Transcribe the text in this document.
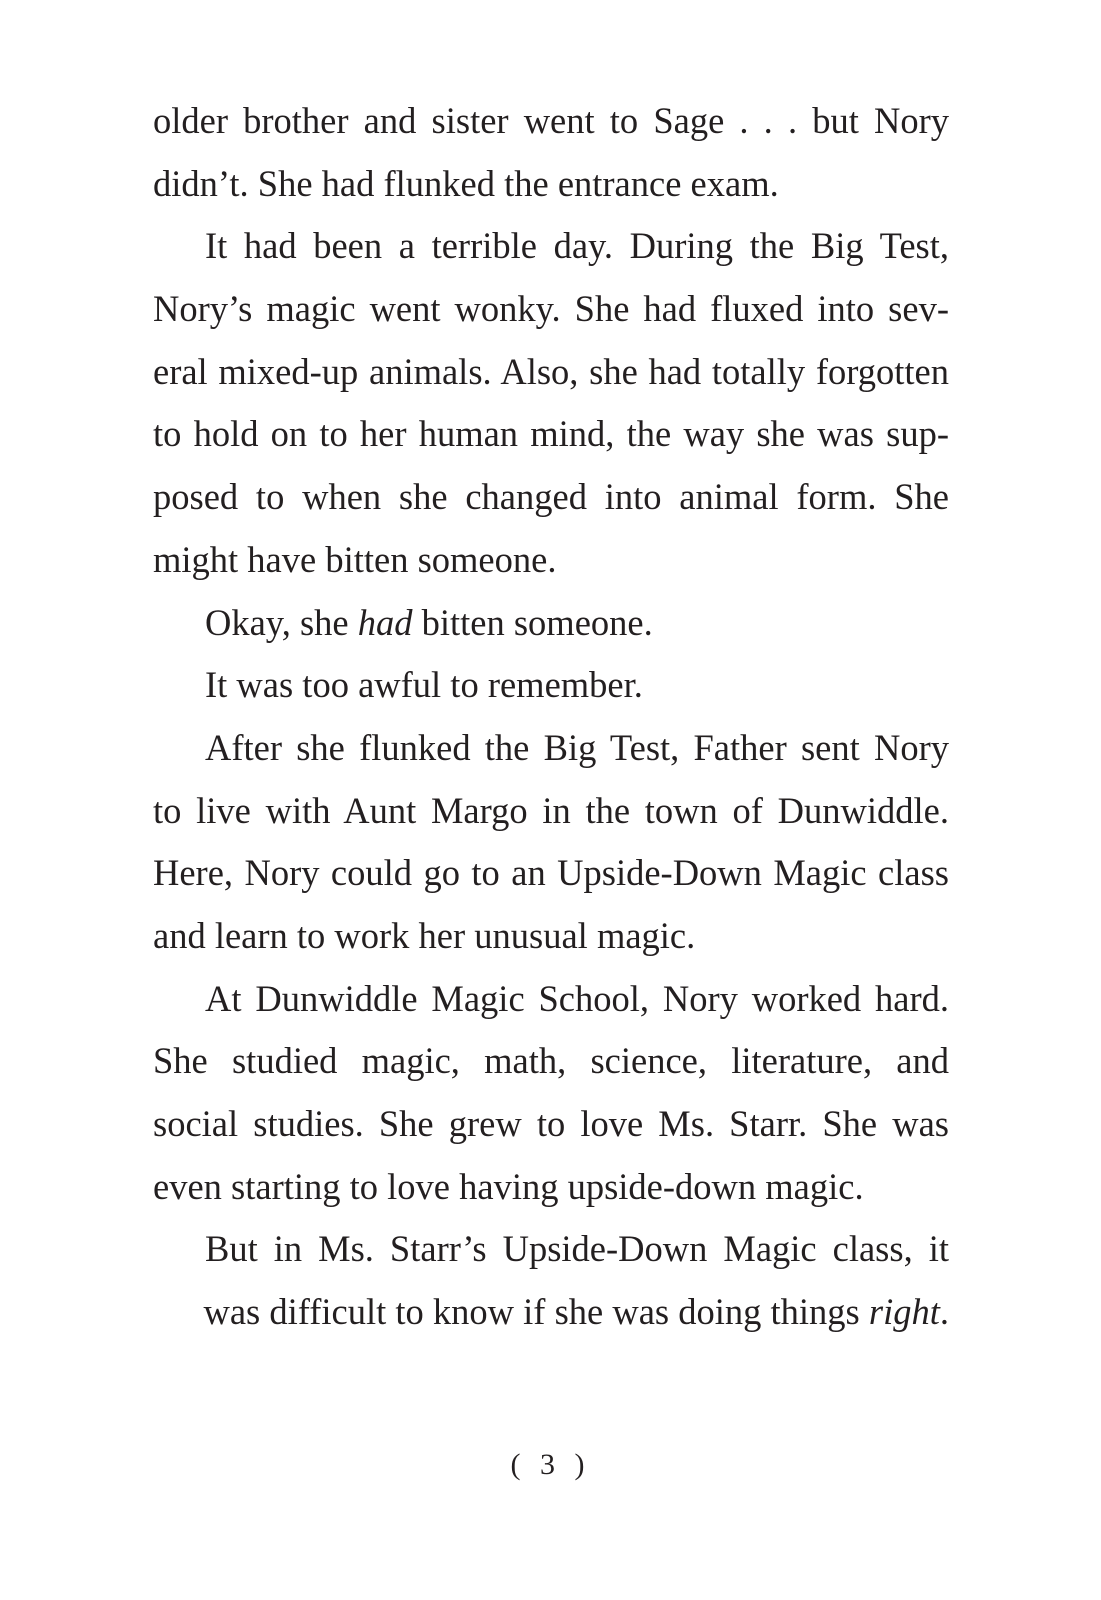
older brother and sister went to Sage . . . but Nory
didn’t. She had flunked the entrance exam.
It had been a terrible day. During the Big Test,
Nory’s magic went wonky. She had fluxed into sev-
eral mixed-up animals. Also, she had totally forgotten
to hold on to her human mind, the way she was sup-
posed to when she changed into animal form. She
might have bitten someone.
Okay, she had bitten someone.
It was too awful to remember.
After she flunked the Big Test, Father sent Nory
to live with Aunt Margo in the town of Dunwiddle.
Here, Nory could go to an Upside-Down Magic class
and learn to work her unusual magic.
At Dunwiddle Magic School, Nory worked hard.
She studied magic, math, science, literature, and
social studies. She grew to love Ms. Starr. She was
even starting to love having upside-down magic.
But in Ms. Starr’s Upside-Down Magic class, it
was difficult to know if she was doing things right.
( 3 )
